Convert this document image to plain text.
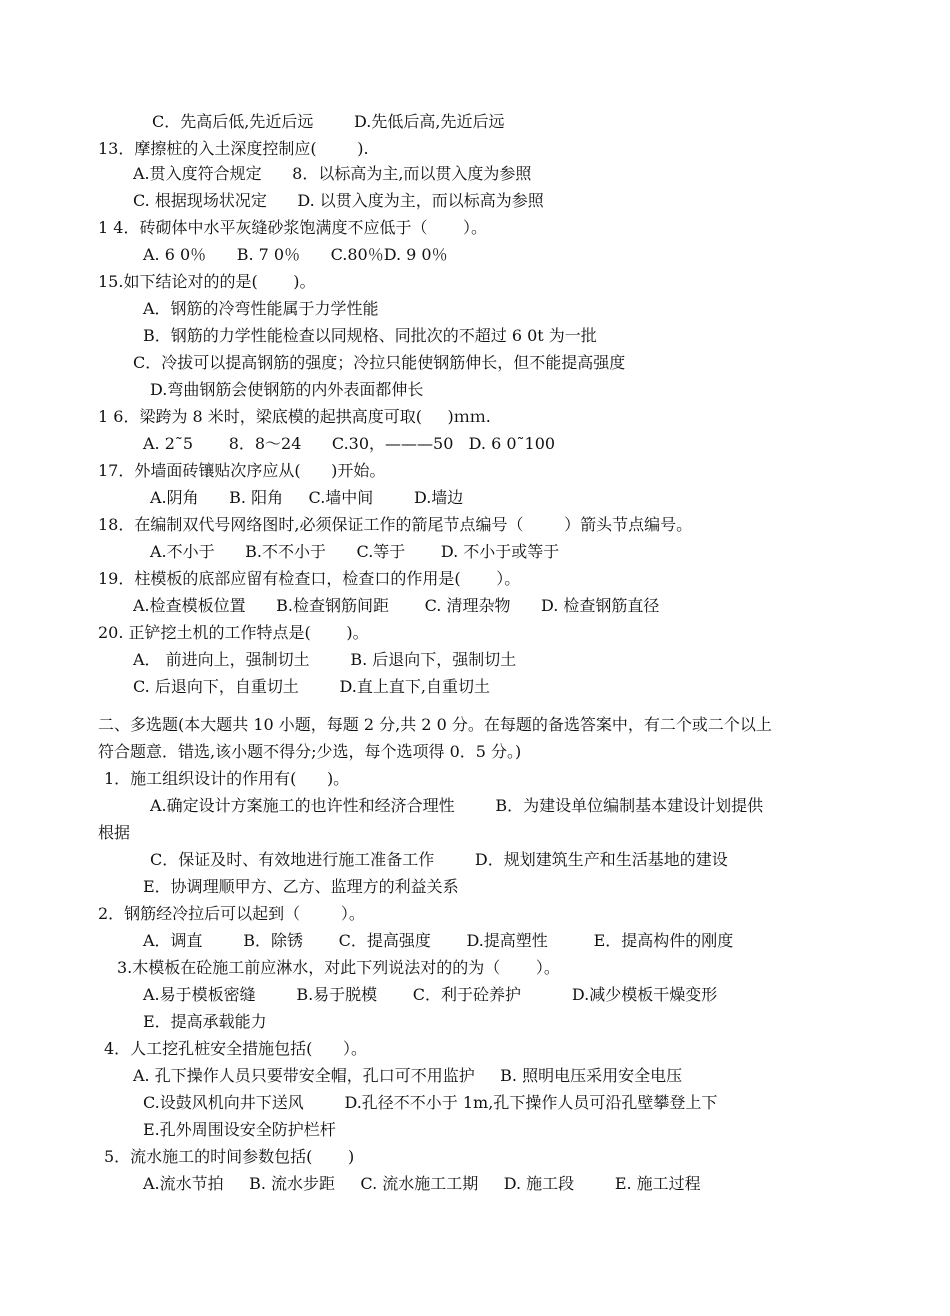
C．先高后低,先近后远        D.先低后高,先近后远
13．摩擦桩的入土深度控制应(        ).
A.贯入度符合规定      8．以标高为主,而以贯入度为参照
C. 根据现场状况定      D. 以贯入度为主，而以标高为参照
1 4．砖砌体中水平灰缝砂浆饱满度不应低于（       ）。
A. 6 0％      B. 7 0％      C.80％D. 9 0％
15.如下结论对的的是(       )。
A．钢筋的冷弯性能属于力学性能
B．钢筋的力学性能检查以同规格、同批次的不超过 6 0t 为一批
C．冷拔可以提高钢筋的强度；冷拉只能使钢筋伸长，但不能提高强度
D.弯曲钢筋会使钢筋的内外表面都伸长
1 6．梁跨为 8 米时，梁底模的起拱高度可取(     )ｍｍ.
A. 2˜5       8．8～24      C.30，———50   D. 6 0˜100
17．外墙面砖镶贴次序应从(      )开始。
A.阴角      B. 阳角     C.墙中间        D.墙边
18．在编制双代号网络图时,必须保证工作的箭尾节点编号（        ）箭头节点编号。
A.不小于      B.不不小于      C.等于       D. 不小于或等于
19．柱模板的底部应留有检查口，检查口的作用是(       ）。
A.检查模板位置      B.检查钢筋间距       C. 清理杂物      D. 检查钢筋直径
20. 正铲挖土机的工作特点是(       )。
A． 前进向上，强制切土        B. 后退向下，强制切土
C. 后退向下，自重切土        D.直上直下,自重切土
二、多选题(本大题共 10 小题，每题 2 分,共 2 0 分。在每题的备选答案中，有二个或二个以上
符合题意．错选,该小题不得分;少选，每个选项得 0．5 分。)
1．施工组织设计的作用有(      )。
A.确定设计方案施工的也许性和经济合理性        B．为建设单位编制基本建设计划提供
根据
C．保证及时、有效地进行施工准备工作        D．规划建筑生产和生活基地的建设
E．协调理顺甲方、乙方、监理方的利益关系
2．钢筋经冷拉后可以起到（        ）。
A．调直        B．除锈       C．提高强度       D.提高塑性         E．提高构件的刚度
3.木模板在砼施工前应淋水，对此下列说法对的的为（       ）。
A.易于模板密缝        B.易于脱模       C．利于砼养护          D.减少模板干燥变形
E．提高承载能力
4．人工挖孔桩安全措施包括(      ）。
A. 孔下操作人员只要带安全帽，孔口可不用监护     B. 照明电压采用安全电压
C.设鼓风机向井下送风        D.孔径不不小于 1m,孔下操作人员可沿孔壁攀登上下
E.孔外周围设安全防护栏杆
5．流水施工的时间参数包括(       )
A.流水节拍     B. 流水步距     C. 流水施工工期     D. 施工段        E. 施工过程
